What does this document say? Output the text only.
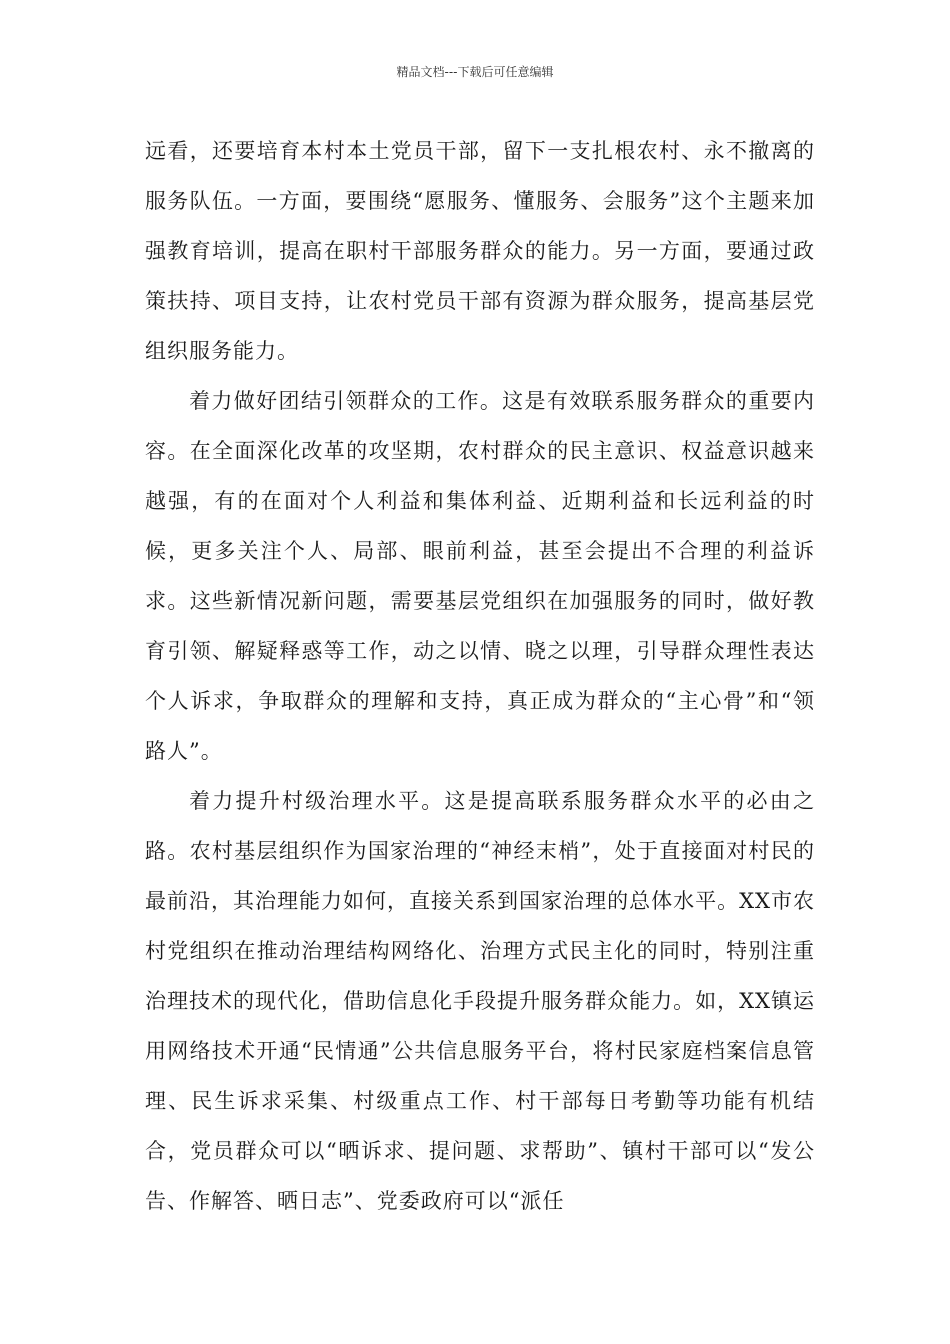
精品文档---下载后可任意编辑

远看，还要培育本村本土党员干部，留下一支扎根农村、永不撤离的服务队伍。一方面，要围绕“愿服务、懂服务、会服务”这个主题来加强教育培训，提高在职村干部服务群众的能力。另一方面，要通过政策扶持、项目支持，让农村党员干部有资源为群众服务，提高基层党组织服务能力。

着力做好团结引领群众的工作。这是有效联系服务群众的重要内容。在全面深化改革的攻坚期，农村群众的民主意识、权益意识越来越强，有的在面对个人利益和集体利益、近期利益和长远利益的时候，更多关注个人、局部、眼前利益，甚至会提出不合理的利益诉求。这些新情况新问题，需要基层党组织在加强服务的同时，做好教育引领、解疑释惑等工作，动之以情、晓之以理，引导群众理性表达个人诉求，争取群众的理解和支持，真正成为群众的“主心骨”和“领路人”。

着力提升村级治理水平。这是提高联系服务群众水平的必由之路。农村基层组织作为国家治理的“神经末梢”，处于直接面对村民的最前沿，其治理能力如何，直接关系到国家治理的总体水平。XX市农村党组织在推动治理结构网络化、治理方式民主化的同时，特别注重治理技术的现代化，借助信息化手段提升服务群众能力。如，XX镇运用网络技术开通“民情通”公共信息服务平台，将村民家庭档案信息管理、民生诉求采集、村级重点工作、村干部每日考勤等功能有机结合，党员群众可以“晒诉求、提问题、求帮助”、镇村干部可以“发公告、作解答、晒日志”、党委政府可以“派任
